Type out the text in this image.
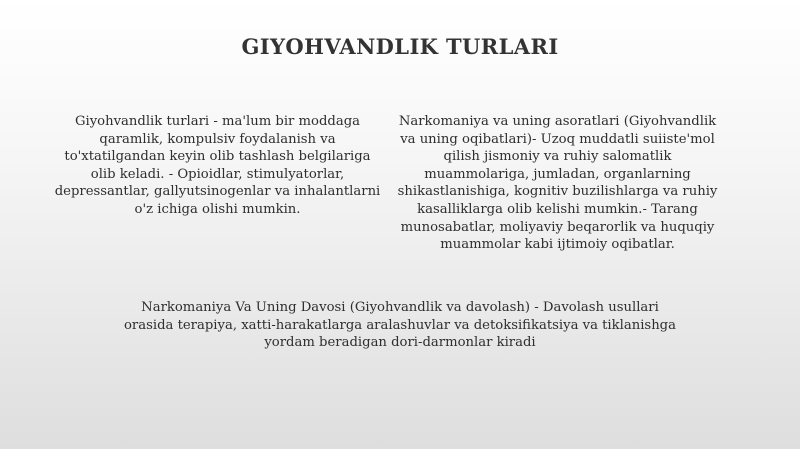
GIYOHVANDLIK TURLARI

Giyohvandlik turlari - ma'lum bir moddaga qaramlik, kompulsiv foydalanish va to'xtatilgandan keyin olib tashlash belgilariga olib keladi. - Opioidlar, stimulyatorlar, depressantlar, gallyutsinogenlar va inhalantlarni o'z ichiga olishi mumkin.

Narkomaniya va uning asoratlari (Giyohvandlik va uning oqibatlari)- Uzoq muddatli suiiste'mol qilish jismoniy va ruhiy salomatlik muammolariga, jumladan, organlarning shikastlanishiga, kognitiv buzilishlarga va ruhiy kasalliklarga olib kelishi mumkin.- Tarang munosabatlar, moliyaviy beqarorlik va huquqiy muammolar kabi ijtimoiy oqibatlar.

Narkomaniya Va Uning Davosi (Giyohvandlik va davolash) - Davolash usullari orasida terapiya, xatti-harakatlarga aralashuvlar va detoksifikatsiya va tiklanishga yordam beradigan dori-darmonlar kiradi
